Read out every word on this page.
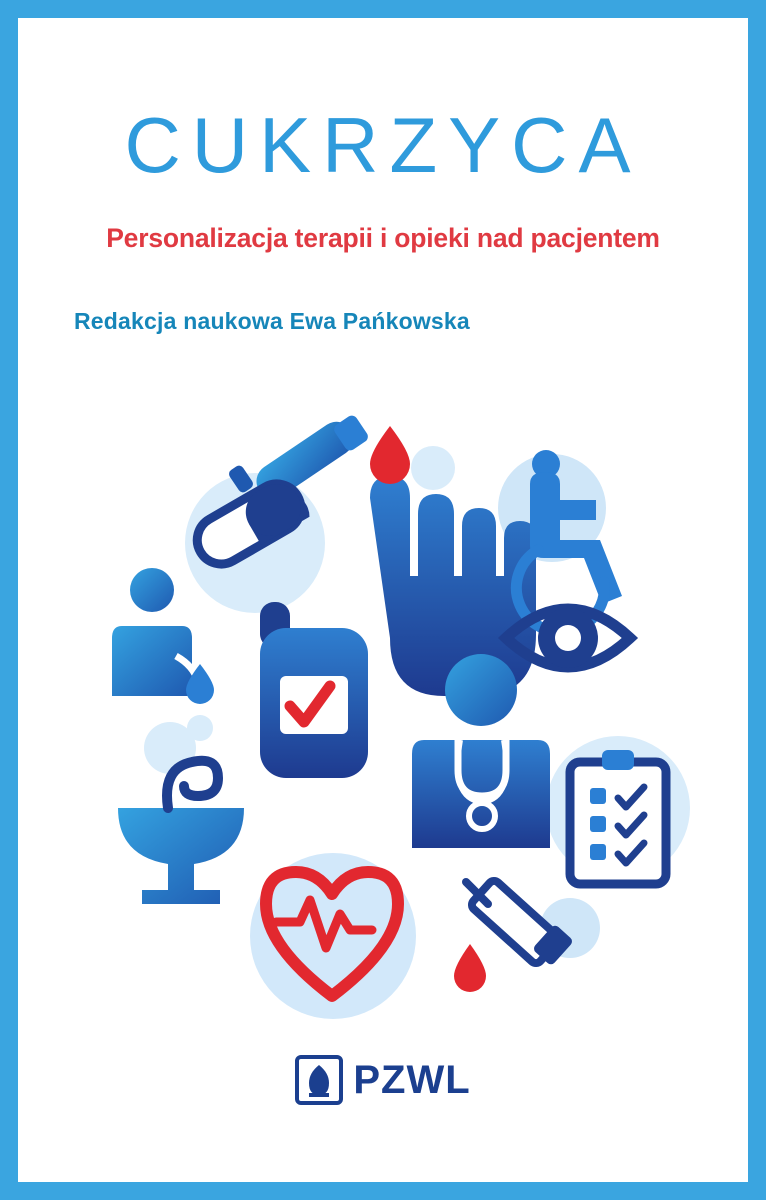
CUKRZYCA
Personalizacja terapii i opieki nad pacjentem
Redakcja naukowa Ewa Pańkowska
PZWL
